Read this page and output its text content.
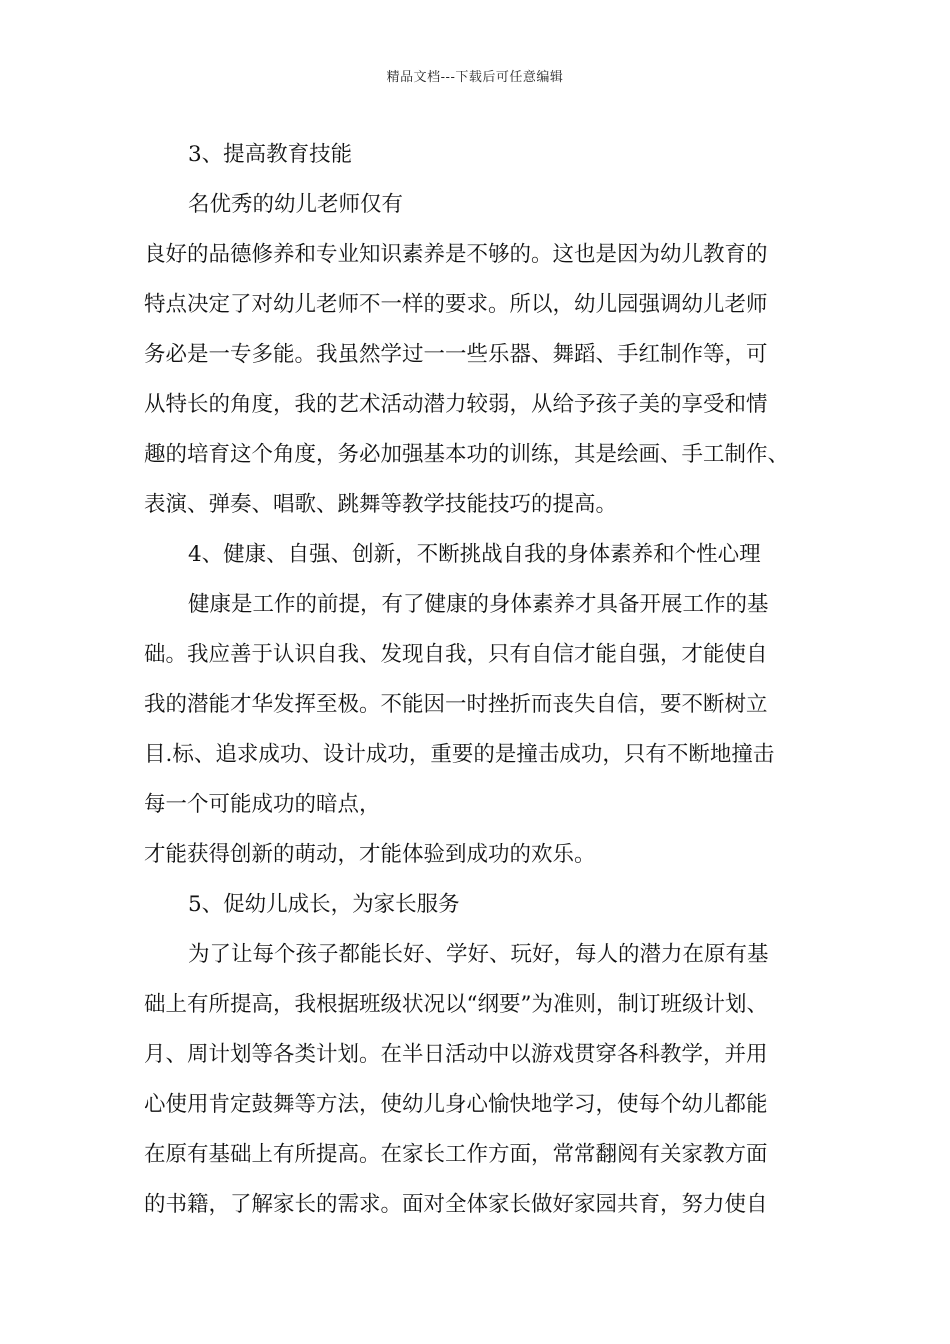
精品文档---下载后可任意编辑
3、提高教育技能
名优秀的幼儿老师仅有
良好的品德修养和专业知识素养是不够的。这也是因为幼儿教育的
特点决定了对幼儿老师不一样的要求。所以，幼儿园强调幼儿老师
务必是一专多能。我虽然学过一一些乐器、舞蹈、手红制作等，可
从特长的角度，我的艺术活动潜力较弱，从给予孩子美的享受和情
趣的培育这个角度，务必加强基本功的训练，其是绘画、手工制作、
表演、弹奏、唱歌、跳舞等教学技能技巧的提高。
4、健康、自强、创新，不断挑战自我的身体素养和个性心理
健康是工作的前提，有了健康的身体素养才具备开展工作的基
础。我应善于认识自我、发现自我，只有自信才能自强，才能使自
我的潜能才华发挥至极。不能因一时挫折而丧失自信，要不断树立
目.标、追求成功、设计成功，重要的是撞击成功，只有不断地撞击
每一个可能成功的暗点，
才能获得创新的萌动，才能体验到成功的欢乐。
5、促幼儿成长，为家长服务
为了让每个孩子都能长好、学好、玩好，每人的潜力在原有基
础上有所提高，我根据班级状况以“纲要”为准则，制订班级计划、
月、周计划等各类计划。在半日活动中以游戏贯穿各科教学，并用
心使用肯定鼓舞等方法，使幼儿身心愉快地学习，使每个幼儿都能
在原有基础上有所提高。在家长工作方面，常常翻阅有关家教方面
的书籍，了解家长的需求。面对全体家长做好家园共育，努力使自
